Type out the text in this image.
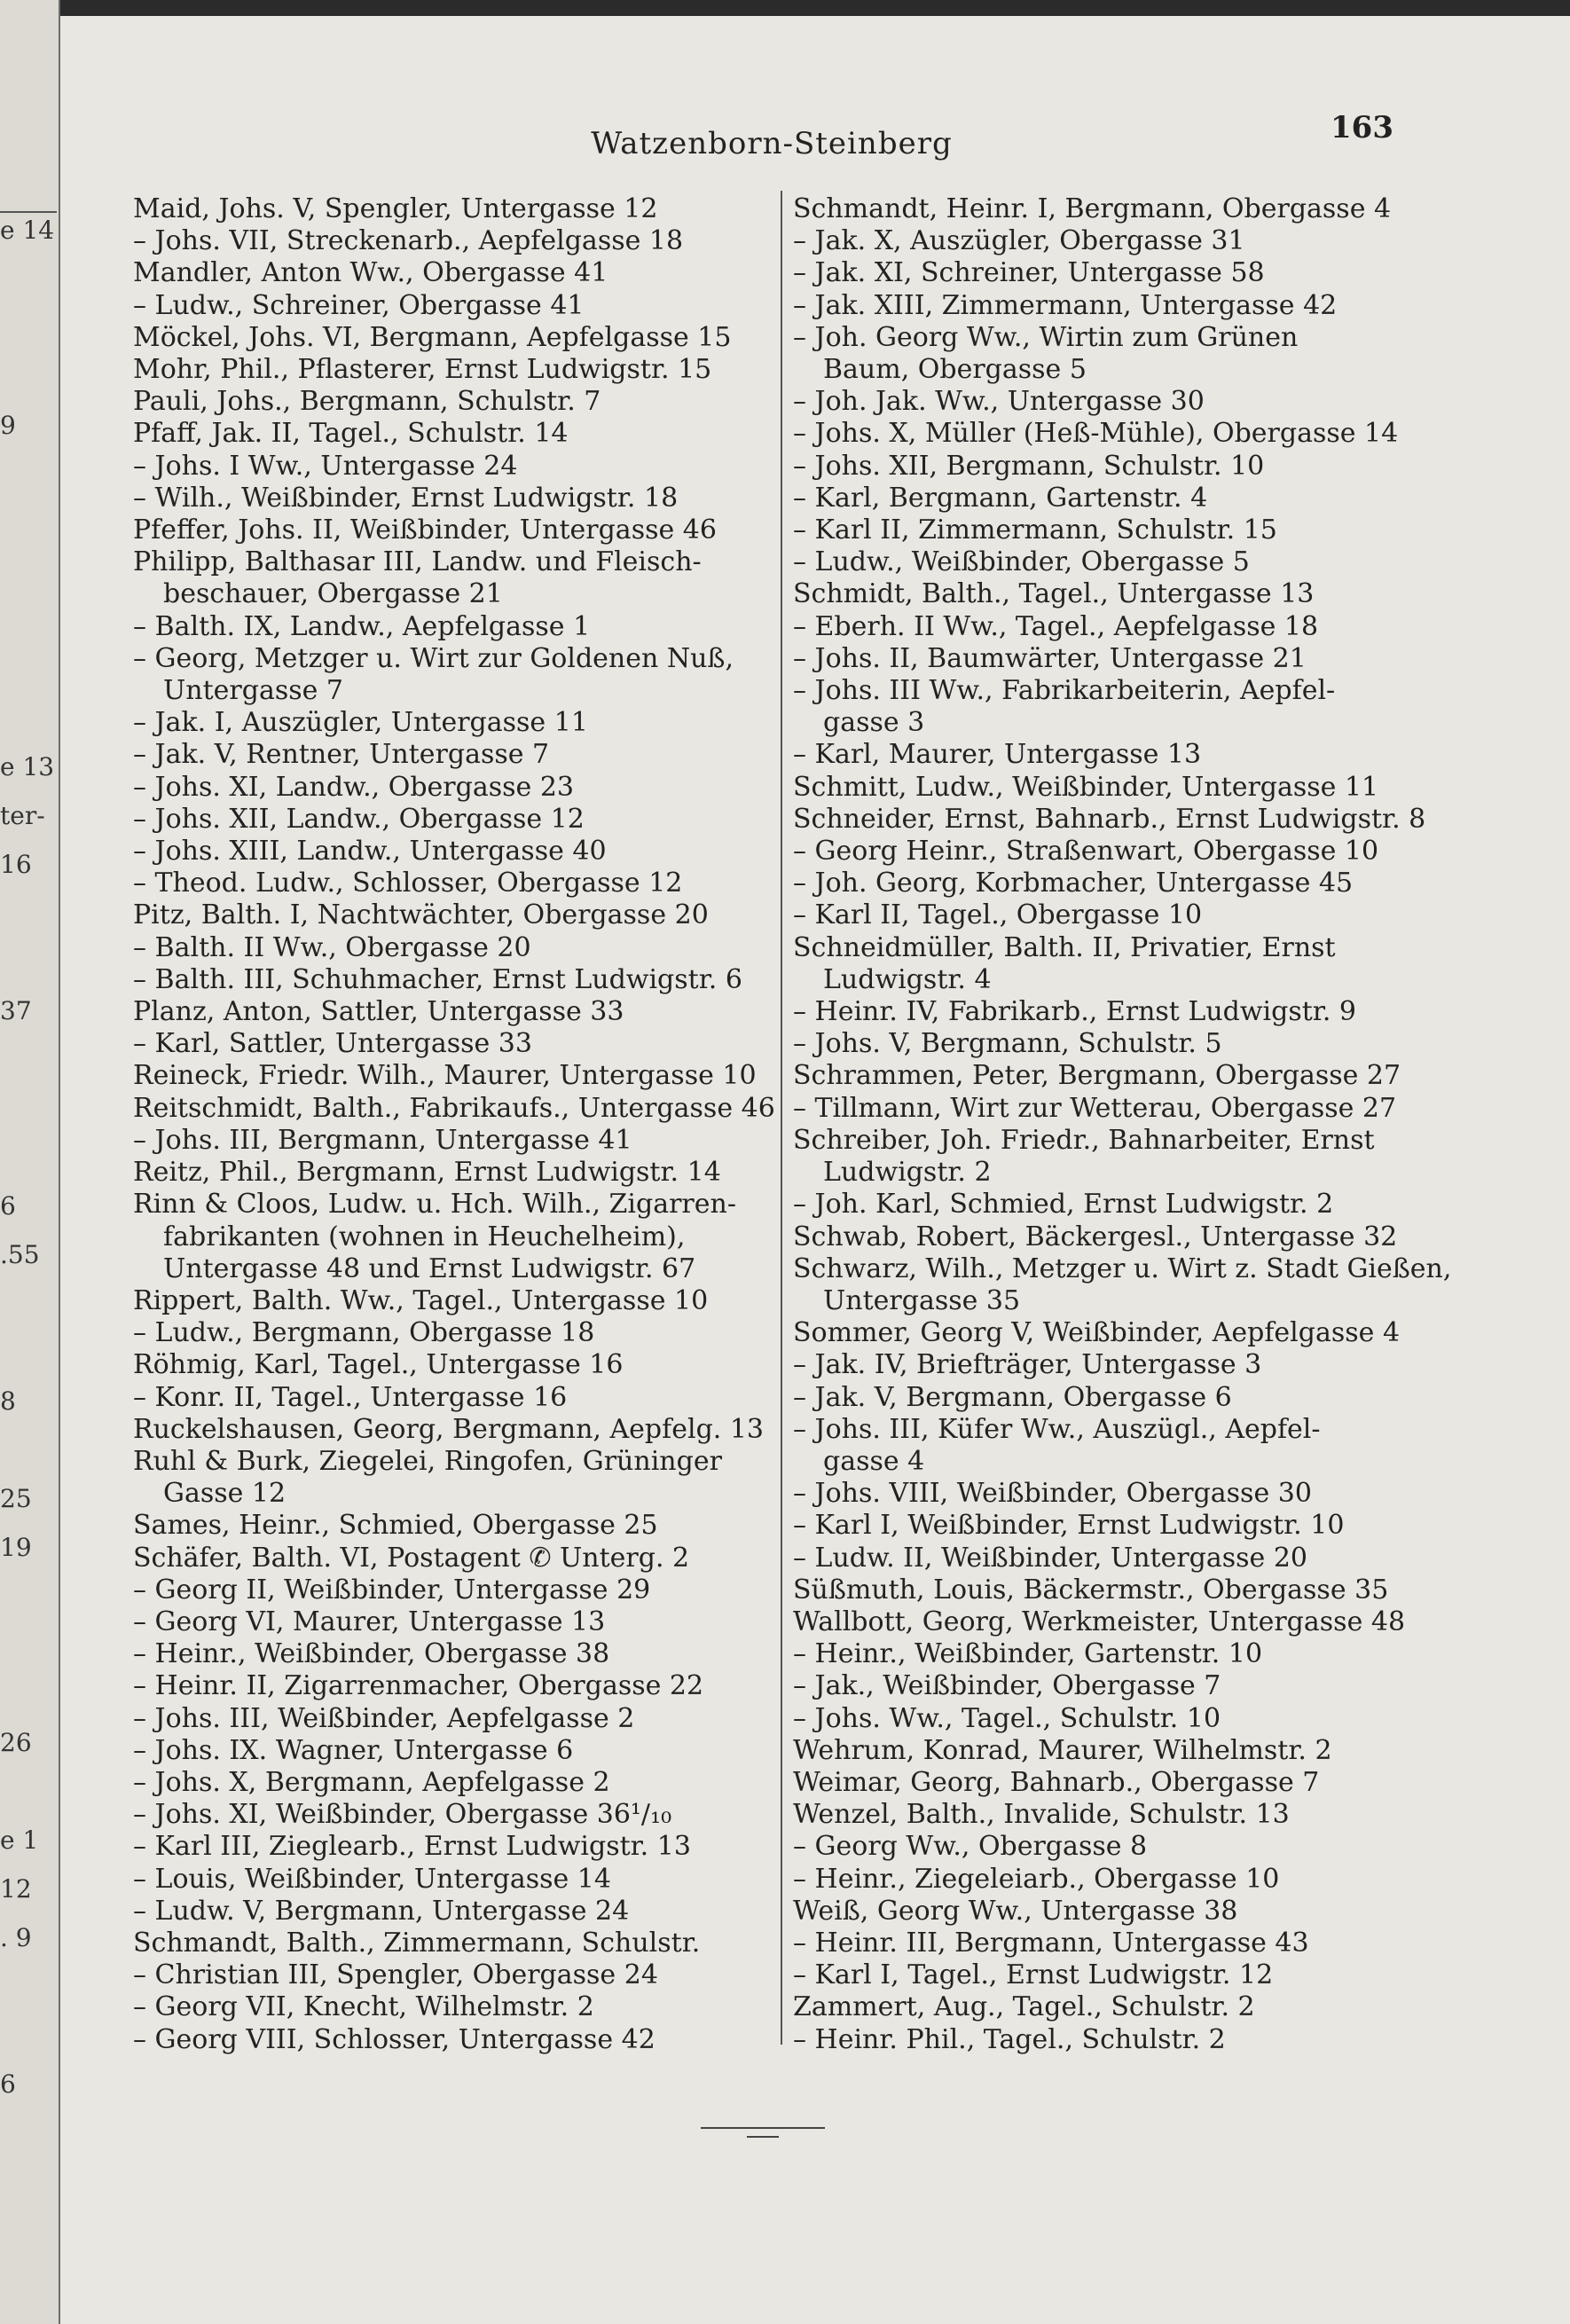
e 14
9
e 13
ter-
16
37
6
.55
8
25
19
26
e 1
12
. 9
6
Watzenborn-Steinberg	163
Maid, Johs. V, Spengler, Untergasse 12
– Johs. VII, Streckenarb., Aepfelgasse 18
Mandler, Anton Ww., Obergasse 41
– Ludw., Schreiner, Obergasse 41
Möckel, Johs. VI, Bergmann, Aepfelgasse 15
Mohr, Phil., Pflasterer, Ernst Ludwigstr. 15
Pauli, Johs., Bergmann, Schulstr. 7
Pfaff, Jak. II, Tagel., Schulstr. 14
– Johs. I Ww., Untergasse 24
– Wilh., Weißbinder, Ernst Ludwigstr. 18
Pfeffer, Johs. II, Weißbinder, Untergasse 46
Philipp, Balthasar III, Landw. und Fleisch-
beschauer, Obergasse 21
– Balth. IX, Landw., Aepfelgasse 1
– Georg, Metzger u. Wirt zur Goldenen Nuß,
Untergasse 7
– Jak. I, Auszügler, Untergasse 11
– Jak. V, Rentner, Untergasse 7
– Johs. XI, Landw., Obergasse 23
– Johs. XII, Landw., Obergasse 12
– Johs. XIII, Landw., Untergasse 40
– Theod. Ludw., Schlosser, Obergasse 12
Pitz, Balth. I, Nachtwächter, Obergasse 20
– Balth. II Ww., Obergasse 20
– Balth. III, Schuhmacher, Ernst Ludwigstr. 6
Planz, Anton, Sattler, Untergasse 33
– Karl, Sattler, Untergasse 33
Reineck, Friedr. Wilh., Maurer, Untergasse 10
Reitschmidt, Balth., Fabrikaufs., Untergasse 46
– Johs. III, Bergmann, Untergasse 41
Reitz, Phil., Bergmann, Ernst Ludwigstr. 14
Rinn & Cloos, Ludw. u. Hch. Wilh., Zigarren-
fabrikanten (wohnen in Heuchelheim),
Untergasse 48 und Ernst Ludwigstr. 67
Rippert, Balth. Ww., Tagel., Untergasse 10
– Ludw., Bergmann, Obergasse 18
Röhmig, Karl, Tagel., Untergasse 16
– Konr. II, Tagel., Untergasse 16
Ruckelshausen, Georg, Bergmann, Aepfelg. 13
Ruhl & Burk, Ziegelei, Ringofen, Grüninger
Gasse 12
Sames, Heinr., Schmied, Obergasse 25
Schäfer, Balth. VI, Postagent ✆ Unterg. 2
– Georg II, Weißbinder, Untergasse 29
– Georg VI, Maurer, Untergasse 13
– Heinr., Weißbinder, Obergasse 38
– Heinr. II, Zigarrenmacher, Obergasse 22
– Johs. III, Weißbinder, Aepfelgasse 2
– Johs. IX. Wagner, Untergasse 6
– Johs. X, Bergmann, Aepfelgasse 2
– Johs. XI, Weißbinder, Obergasse 36¹/₁₀
– Karl III, Zieglearb., Ernst Ludwigstr. 13
– Louis, Weißbinder, Untergasse 14
– Ludw. V, Bergmann, Untergasse 24
Schmandt, Balth., Zimmermann, Schulstr.
– Christian III, Spengler, Obergasse 24
– Georg VII, Knecht, Wilhelmstr. 2
– Georg VIII, Schlosser, Untergasse 42
Schmandt, Heinr. I, Bergmann, Obergasse 4
– Jak. X, Auszügler, Obergasse 31
– Jak. XI, Schreiner, Untergasse 58
– Jak. XIII, Zimmermann, Untergasse 42
– Joh. Georg Ww., Wirtin zum Grünen
Baum, Obergasse 5
– Joh. Jak. Ww., Untergasse 30
– Johs. X, Müller (Heß-Mühle), Obergasse 14
– Johs. XII, Bergmann, Schulstr. 10
– Karl, Bergmann, Gartenstr. 4
– Karl II, Zimmermann, Schulstr. 15
– Ludw., Weißbinder, Obergasse 5
Schmidt, Balth., Tagel., Untergasse 13
– Eberh. II Ww., Tagel., Aepfelgasse 18
– Johs. II, Baumwärter, Untergasse 21
– Johs. III Ww., Fabrikarbeiterin, Aepfel-
gasse 3
– Karl, Maurer, Untergasse 13
Schmitt, Ludw., Weißbinder, Untergasse 11
Schneider, Ernst, Bahnarb., Ernst Ludwigstr. 8
– Georg Heinr., Straßenwart, Obergasse 10
– Joh. Georg, Korbmacher, Untergasse 45
– Karl II, Tagel., Obergasse 10
Schneidmüller, Balth. II, Privatier, Ernst
Ludwigstr. 4
– Heinr. IV, Fabrikarb., Ernst Ludwigstr. 9
– Johs. V, Bergmann, Schulstr. 5
Schrammen, Peter, Bergmann, Obergasse 27
– Tillmann, Wirt zur Wetterau, Obergasse 27
Schreiber, Joh. Friedr., Bahnarbeiter, Ernst
Ludwigstr. 2
– Joh. Karl, Schmied, Ernst Ludwigstr. 2
Schwab, Robert, Bäckergesl., Untergasse 32
Schwarz, Wilh., Metzger u. Wirt z. Stadt Gießen,
Untergasse 35
Sommer, Georg V, Weißbinder, Aepfelgasse 4
– Jak. IV, Briefträger, Untergasse 3
– Jak. V, Bergmann, Obergasse 6
– Johs. III, Küfer Ww., Auszügl., Aepfel-
gasse 4
– Johs. VIII, Weißbinder, Obergasse 30
– Karl I, Weißbinder, Ernst Ludwigstr. 10
– Ludw. II, Weißbinder, Untergasse 20
Süßmuth, Louis, Bäckermstr., Obergasse 35
Wallbott, Georg, Werkmeister, Untergasse 48
– Heinr., Weißbinder, Gartenstr. 10
– Jak., Weißbinder, Obergasse 7
– Johs. Ww., Tagel., Schulstr. 10
Wehrum, Konrad, Maurer, Wilhelmstr. 2
Weimar, Georg, Bahnarb., Obergasse 7
Wenzel, Balth., Invalide, Schulstr. 13
– Georg Ww., Obergasse 8
– Heinr., Ziegeleiarb., Obergasse 10
Weiß, Georg Ww., Untergasse 38
– Heinr. III, Bergmann, Untergasse 43
– Karl I, Tagel., Ernst Ludwigstr. 12
Zammert, Aug., Tagel., Schulstr. 2
– Heinr. Phil., Tagel., Schulstr. 2
